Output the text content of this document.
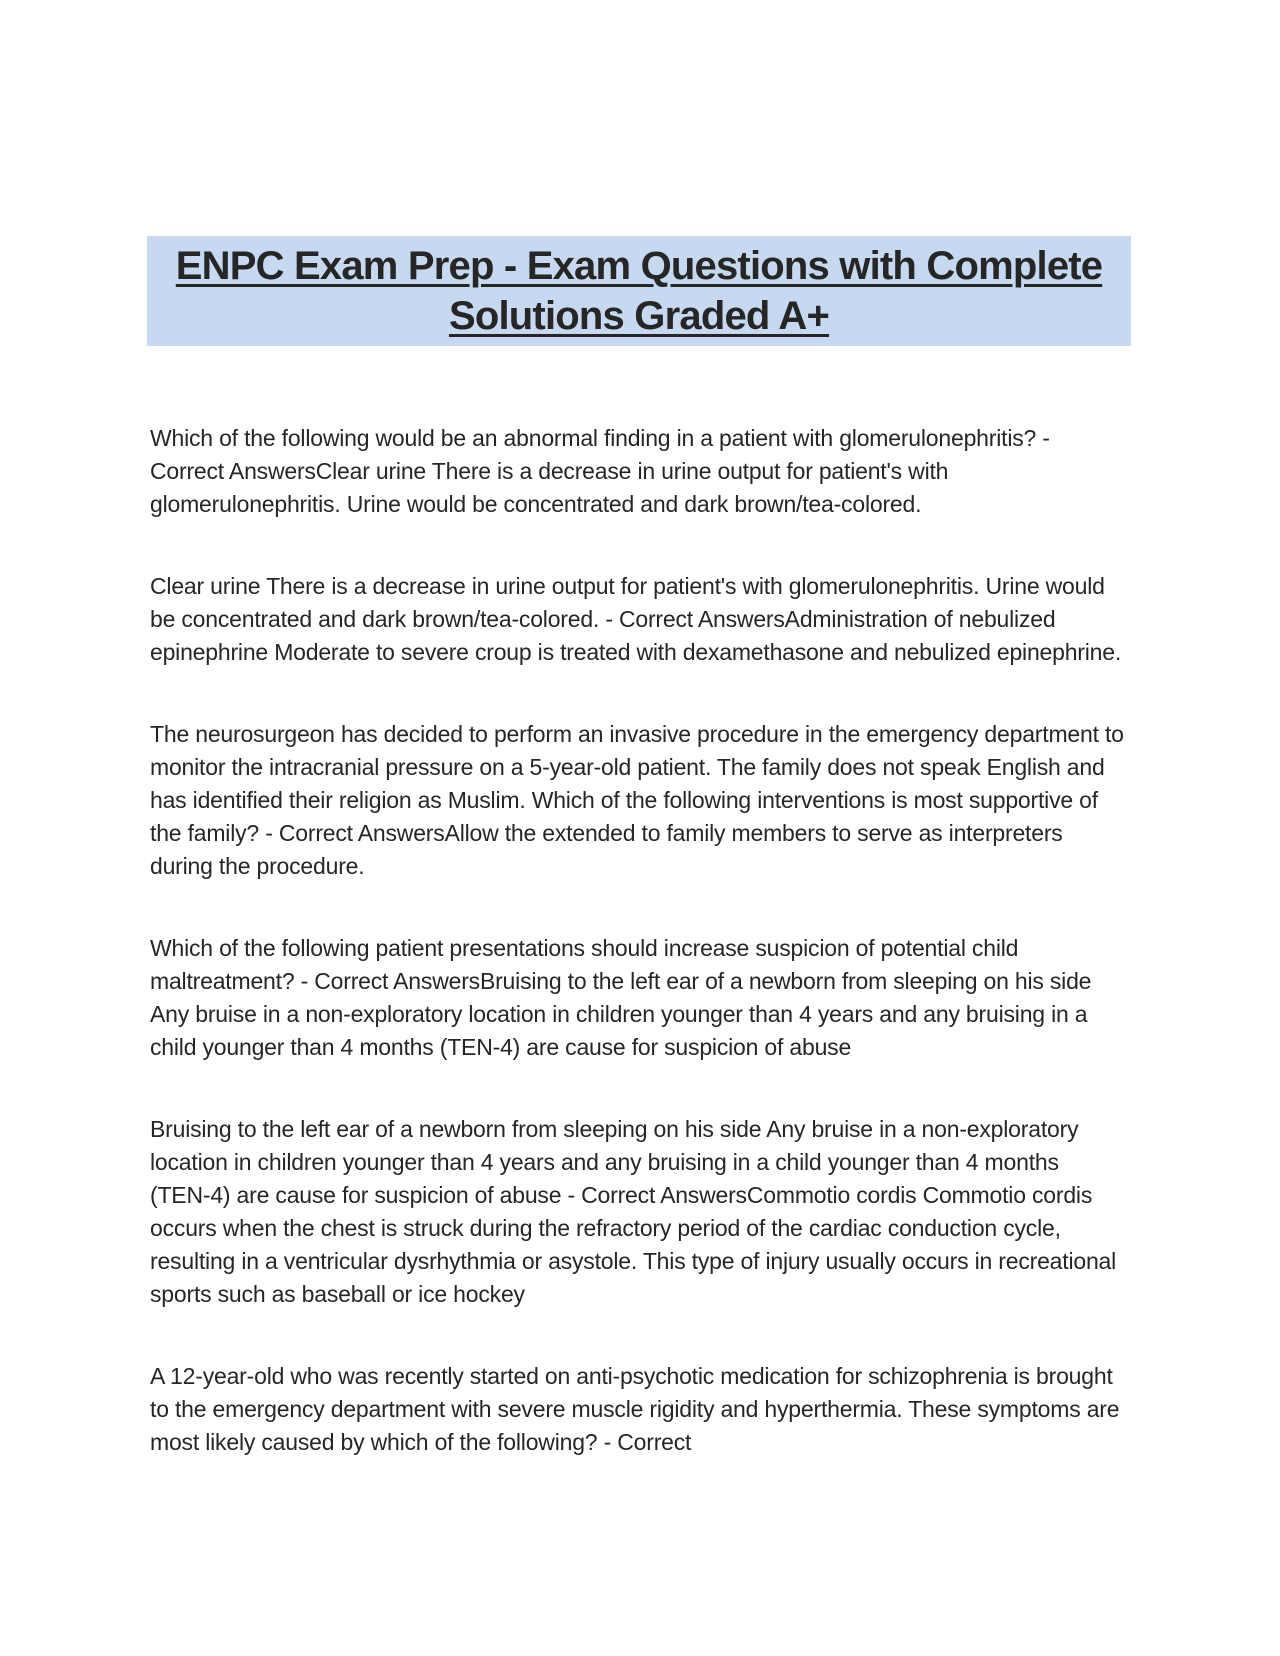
ENPC Exam Prep - Exam Questions with Complete
Solutions Graded A+

Which of the following would be an abnormal finding in a patient with glomerulonephritis? - Correct AnswersClear urine There is a decrease in urine output for patient's with glomerulonephritis. Urine would be concentrated and dark brown/tea-colored.

Clear urine There is a decrease in urine output for patient's with glomerulonephritis. Urine would be concentrated and dark brown/tea-colored. - Correct AnswersAdministration of nebulized epinephrine Moderate to severe croup is treated with dexamethasone and nebulized epinephrine.

The neurosurgeon has decided to perform an invasive procedure in the emergency department to monitor the intracranial pressure on a 5-year-old patient. The family does not speak English and has identified their religion as Muslim. Which of the following interventions is most supportive of the family? - Correct AnswersAllow the extended to family members to serve as interpreters during the procedure.

Which of the following patient presentations should increase suspicion of potential child maltreatment? - Correct AnswersBruising to the left ear of a newborn from sleeping on his side Any bruise in a non-exploratory location in children younger than 4 years and any bruising in a child younger than 4 months (TEN-4) are cause for suspicion of abuse

Bruising to the left ear of a newborn from sleeping on his side Any bruise in a non-exploratory location in children younger than 4 years and any bruising in a child younger than 4 months (TEN-4) are cause for suspicion of abuse - Correct AnswersCommotio cordis Commotio cordis occurs when the chest is struck during the refractory period of the cardiac conduction cycle, resulting in a ventricular dysrhythmia or asystole. This type of injury usually occurs in recreational sports such as baseball or ice hockey

A 12-year-old who was recently started on anti-psychotic medication for schizophrenia is brought to the emergency department with severe muscle rigidity and hyperthermia. These symptoms are most likely caused by which of the following? - Correct
